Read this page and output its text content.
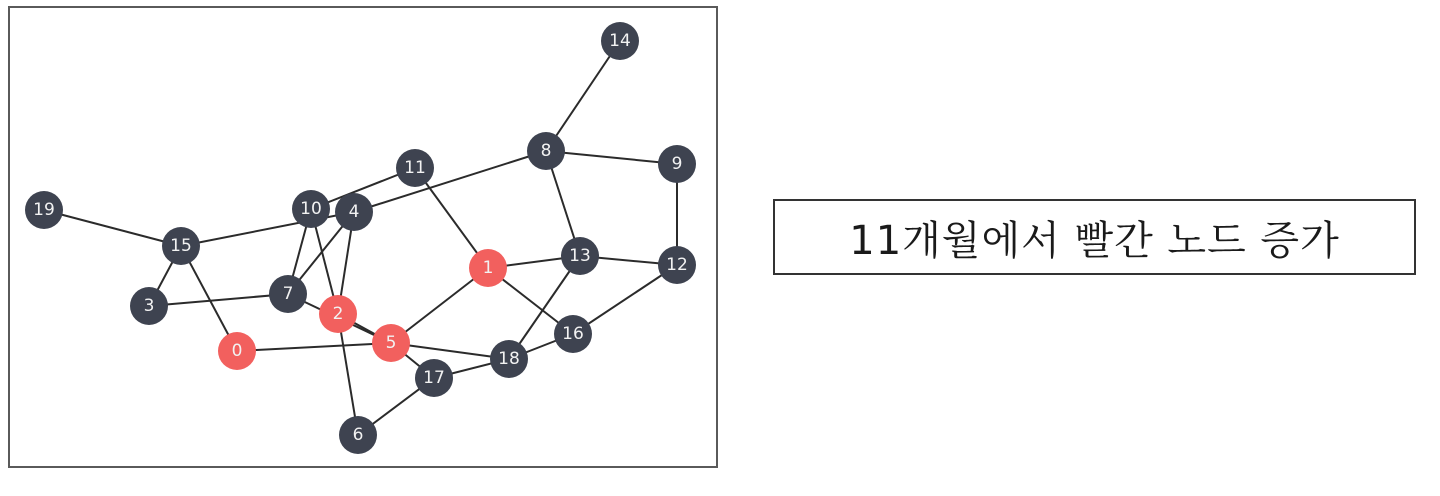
0
1
2
3
4
5
6
7
8
9
10
11
12
13
14
15
16
17
18
19
11개월에서 빨간 노드 증가
